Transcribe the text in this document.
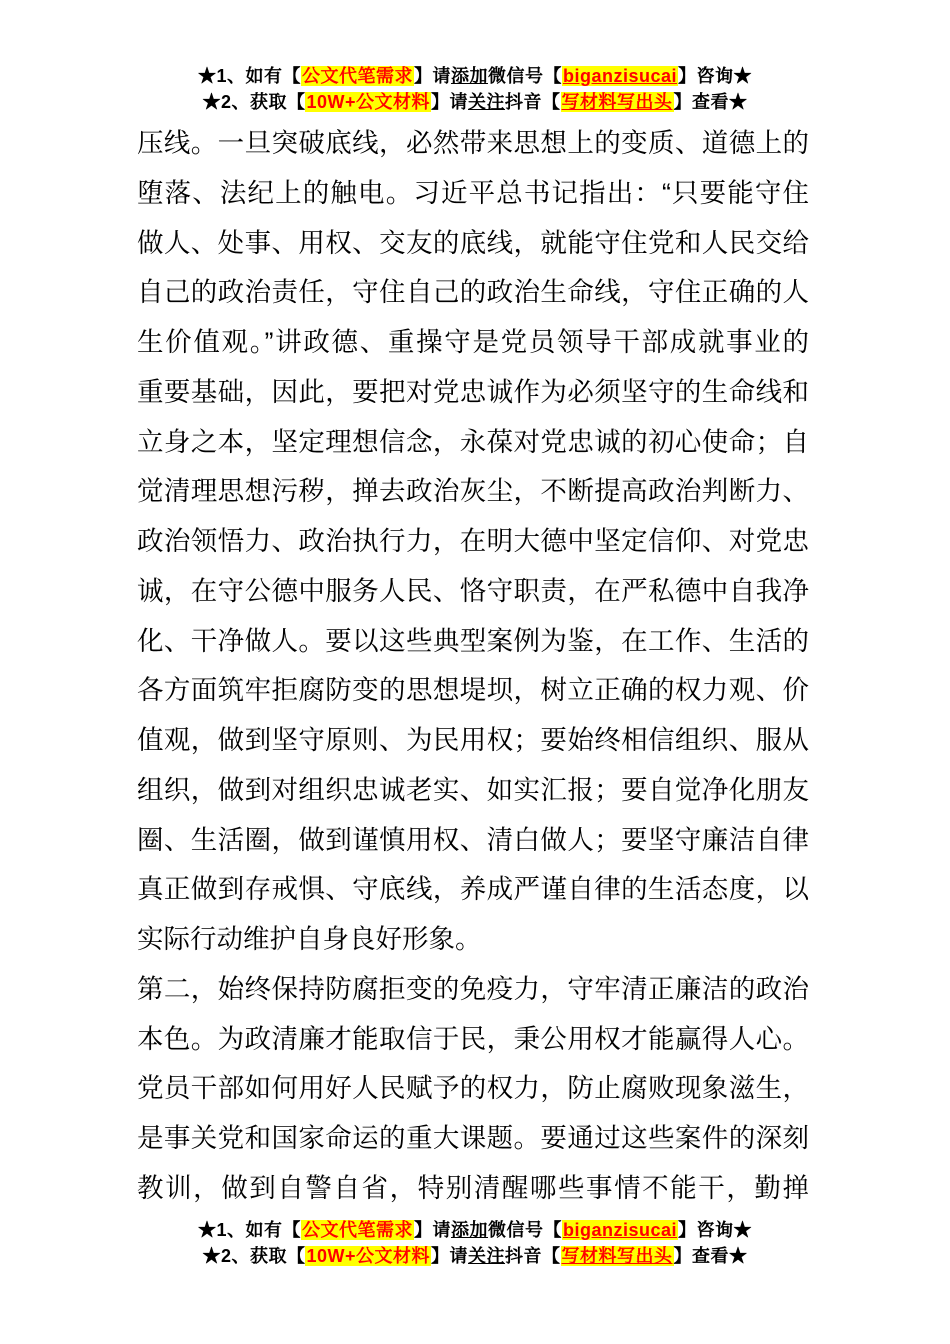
★1、如有【公文代笔需求】请添加微信号【biganzisucai】咨询★
★2、获取【10W+公文材料】请关注抖音【写材料写出头】查看★
压线。一旦突破底线，必然带来思想上的变质、道德上的
堕落、法纪上的触电。习近平总书记指出：“只要能守住
做人、处事、用权、交友的底线，就能守住党和人民交给
自己的政治责任，守住自己的政治生命线，守住正确的人
生价值观。”讲政德、重操守是党员领导干部成就事业的
重要基础，因此，要把对党忠诚作为必须坚守的生命线和
立身之本，坚定理想信念，永葆对党忠诚的初心使命；自
觉清理思想污秽，掸去政治灰尘，不断提高政治判断力、
政治领悟力、政治执行力，在明大德中坚定信仰、对党忠
诚，在守公德中服务人民、恪守职责，在严私德中自我净
化、干净做人。要以这些典型案例为鉴，在工作、生活的
各方面筑牢拒腐防变的思想堤坝，树立正确的权力观、价
值观，做到坚守原则、为民用权；要始终相信组织、服从
组织，做到对组织忠诚老实、如实汇报；要自觉净化朋友
圈、生活圈，做到谨慎用权、清白做人；要坚守廉洁自律
真正做到存戒惧、守底线，养成严谨自律的生活态度，以
实际行动维护自身良好形象。
第二，始终保持防腐拒变的免疫力，守牢清正廉洁的政治
本色。为政清廉才能取信于民，秉公用权才能赢得人心。
党员干部如何用好人民赋予的权力，防止腐败现象滋生，
是事关党和国家命运的重大课题。要通过这些案件的深刻
教训，做到自警自省，特别清醒哪些事情不能干，勤掸
★1、如有【公文代笔需求】请添加微信号【biganzisucai】咨询★
★2、获取【10W+公文材料】请关注抖音【写材料写出头】查看★
